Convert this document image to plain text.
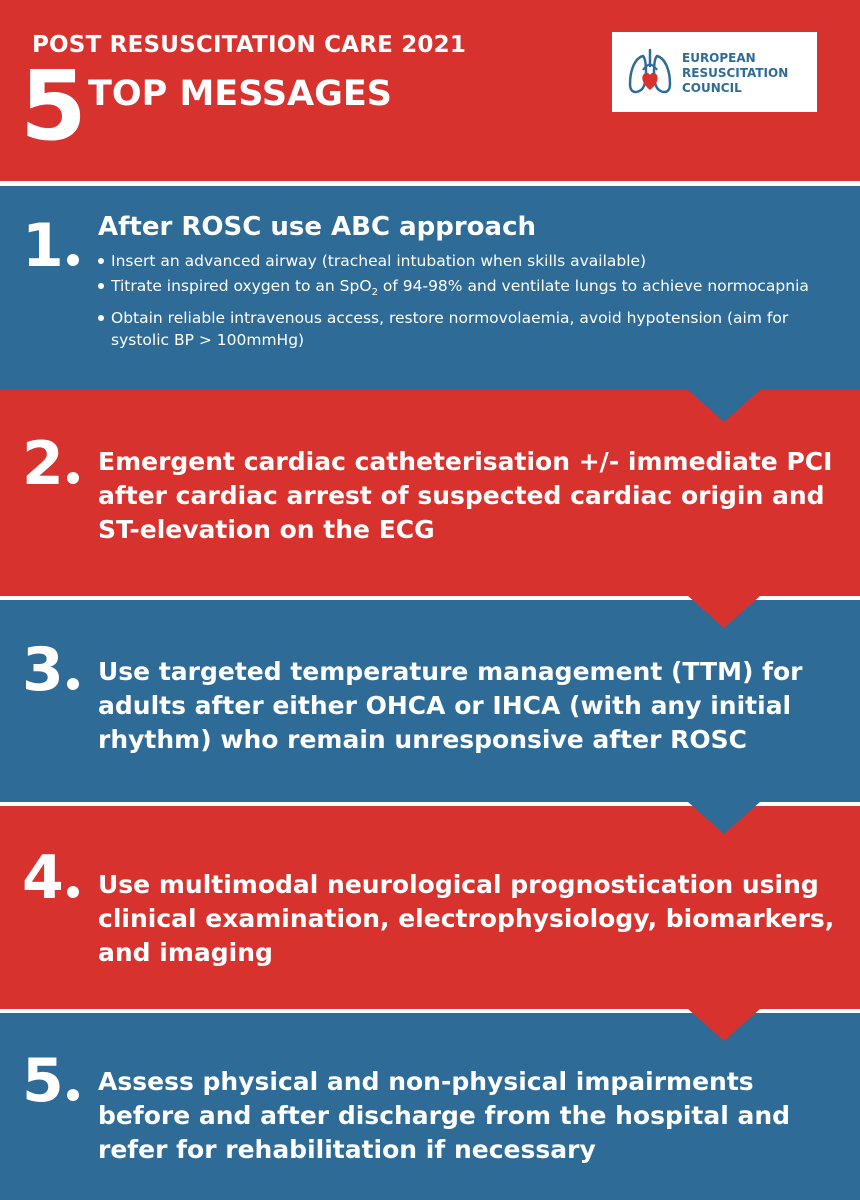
POST RESUSCITATION CARE 2021
5 TOP MESSAGES
EUROPEAN
RESUSCITATION
COUNCIL
1	After ROSC use ABC approach
Insert an advanced airway (tracheal intubation when skills available)
Titrate inspired oxygen to an SpO$_2$ of 94-98% and ventilate lungs to achieve normocapnia
Obtain reliable intravenous access, restore normovolaemia, avoid hypotension (aim for systolic BP > 100mmHg)
2	Emergent cardiac catheterisation +/- immediate PCI after cardiac arrest of suspected cardiac origin and ST-elevation on the ECG
3	Use targeted temperature management (TTM) for adults after either OHCA or IHCA (with any initial rhythm) who remain unresponsive after ROSC
4	Use multimodal neurological prognostication using clinical examination, electrophysiology, biomarkers, and imaging
5	Assess physical and non-physical impairments before and after discharge from the hospital and refer for rehabilitation if necessary
